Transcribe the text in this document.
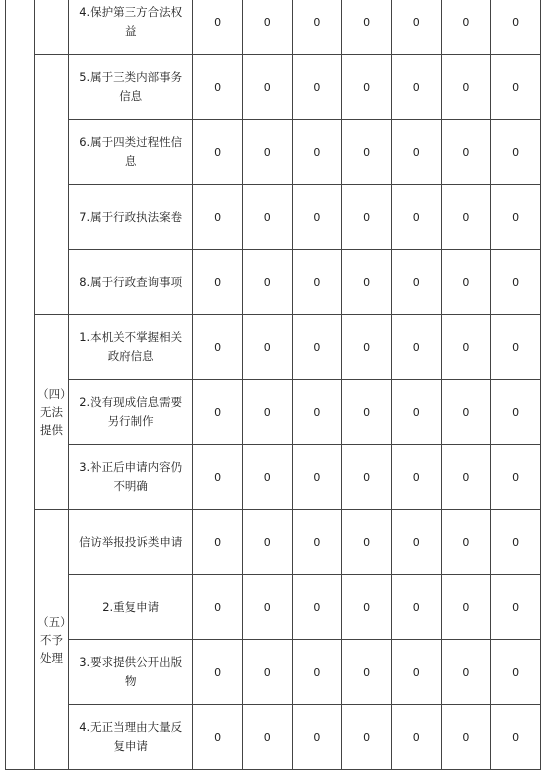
		4.保护第三方合法权益	0	0	0	0	0	0	0
		5.属于三类内部事务信息	0	0	0	0	0	0	0
		6.属于四类过程性信息	0	0	0	0	0	0	0
		7.属于行政执法案卷	0	0	0	0	0	0	0
		8.属于行政查询事项	0	0	0	0	0	0	0
	（四）无法提供	1.本机关不掌握相关政府信息	0	0	0	0	0	0	0
		2.没有现成信息需要另行制作	0	0	0	0	0	0	0
		3.补正后申请内容仍不明确	0	0	0	0	0	0	0
	（五）不予处理	信访举报投诉类申请	0	0	0	0	0	0	0
		2.重复申请	0	0	0	0	0	0	0
		3.要求提供公开出版物	0	0	0	0	0	0	0
		4.无正当理由大量反复申请	0	0	0	0	0	0	0
